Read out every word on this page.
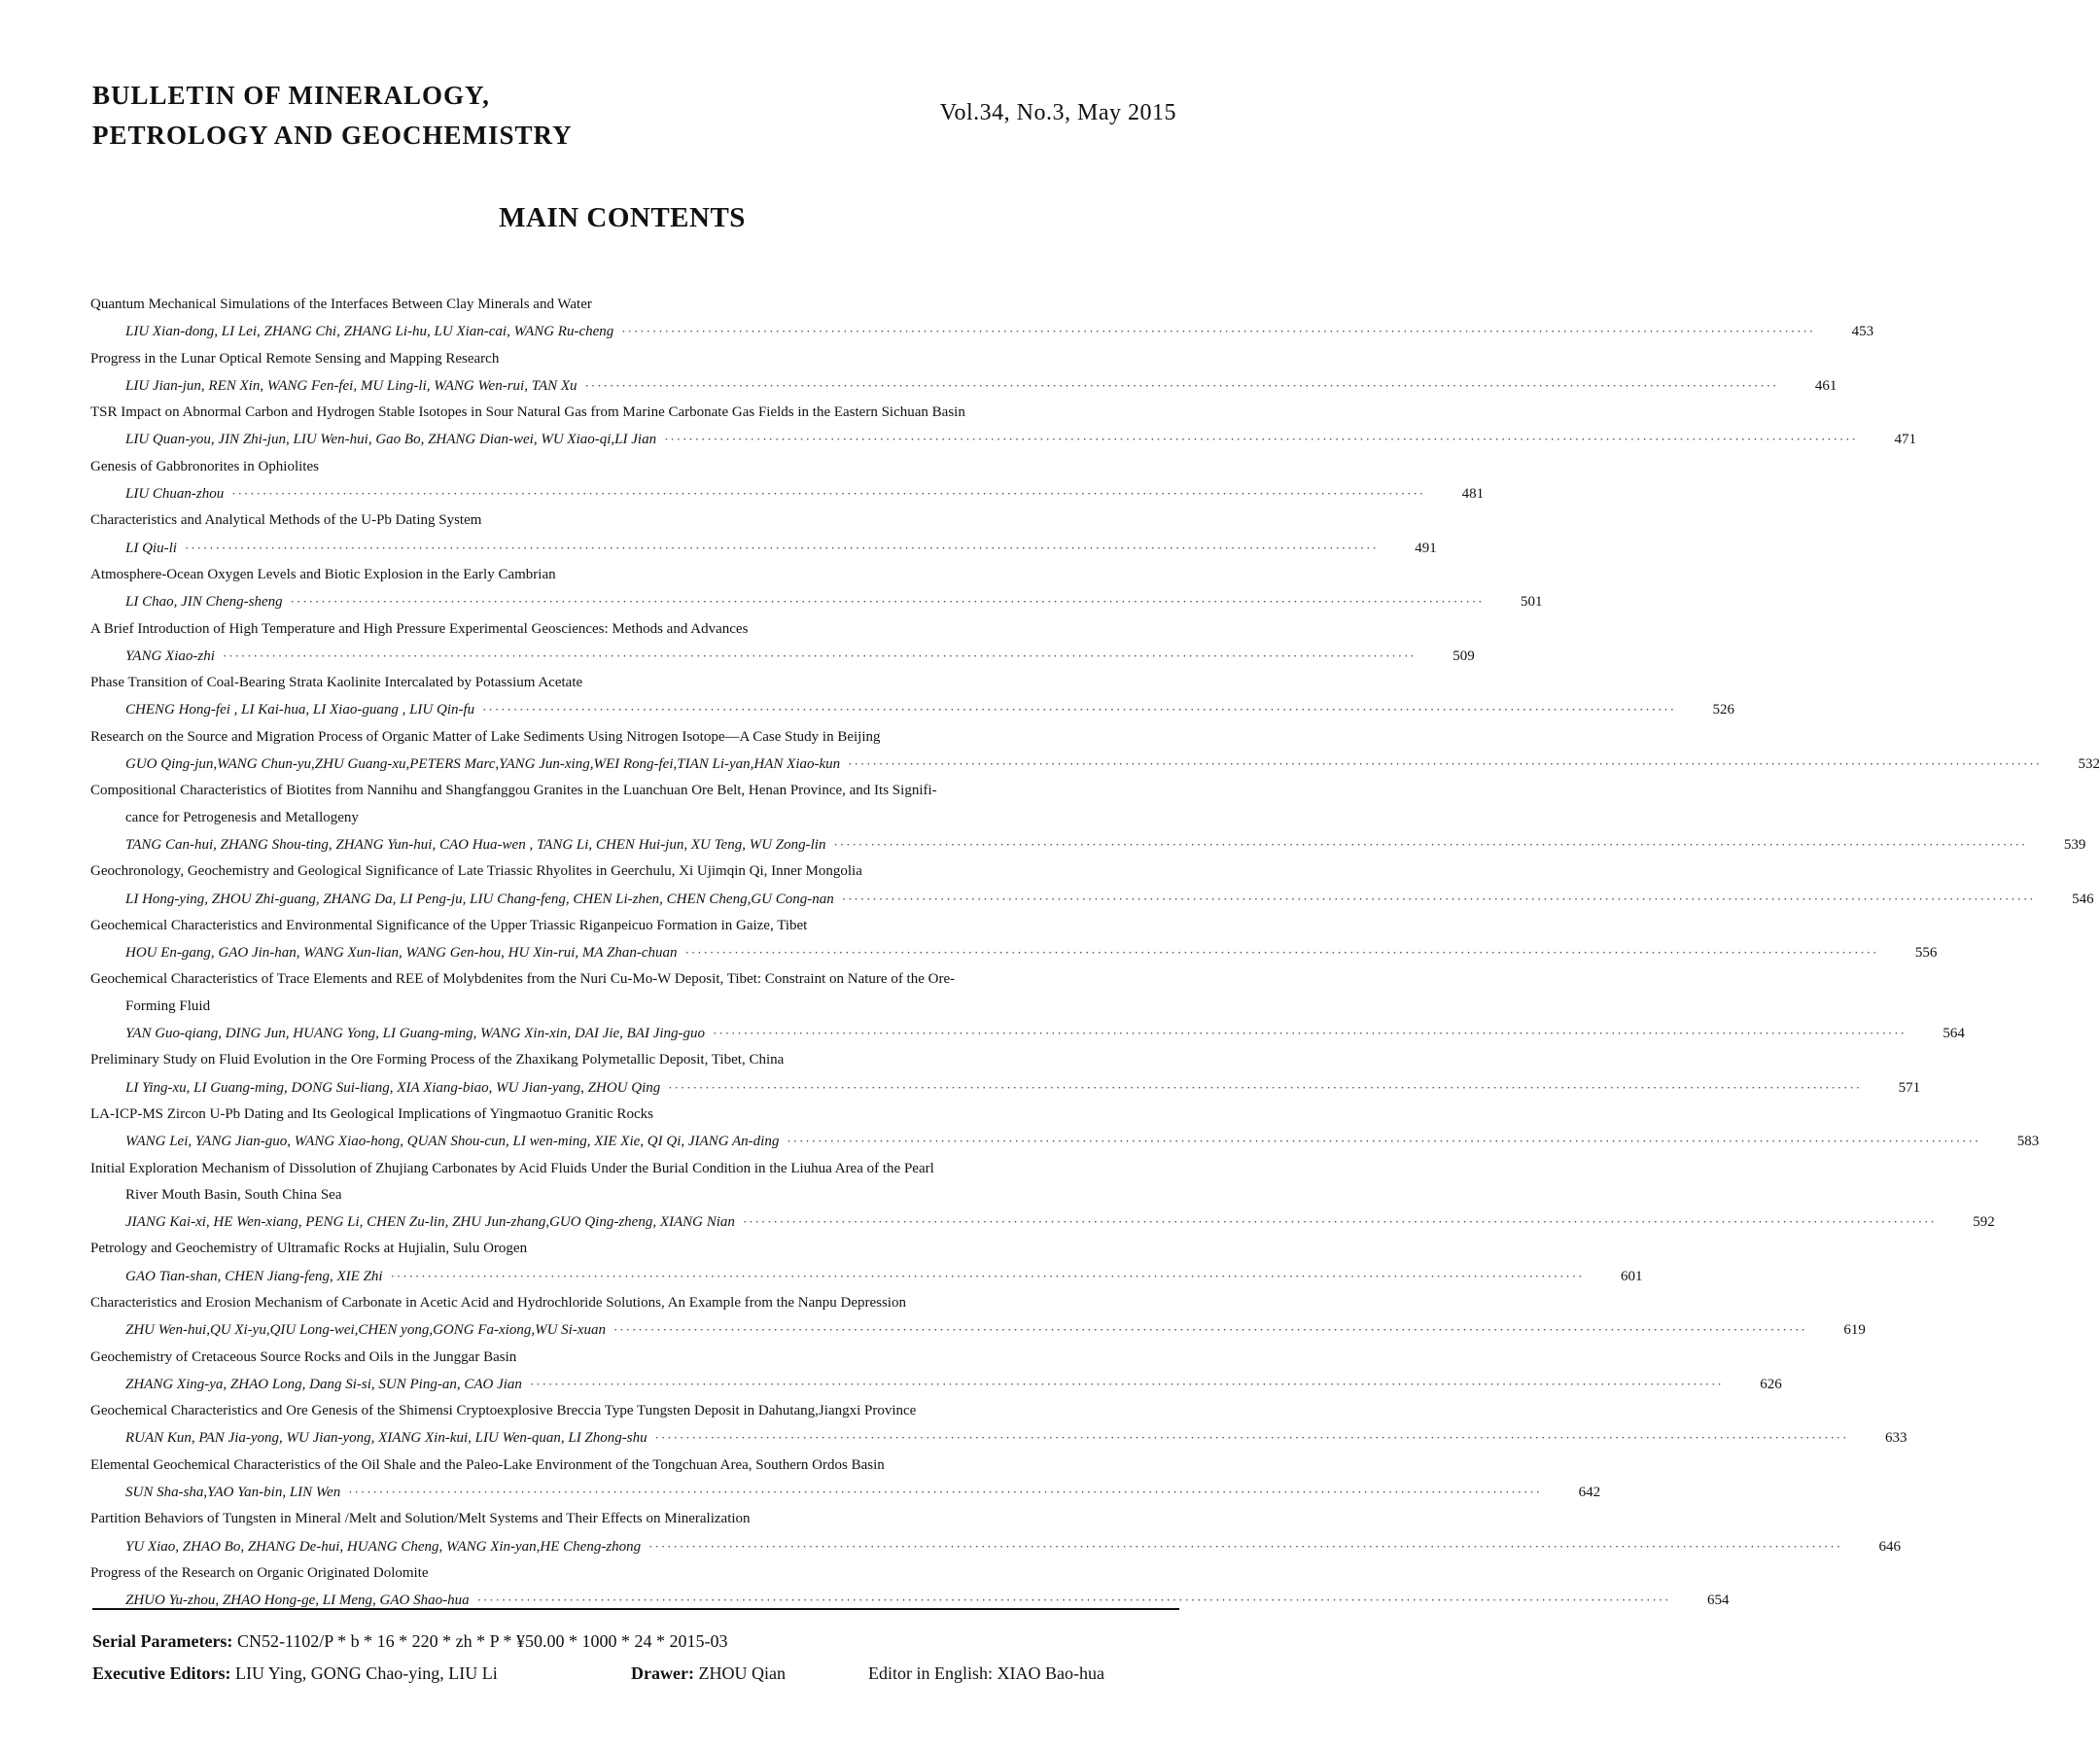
BULLETIN OF MINERALOGY,
PETROLOGY AND GEOCHEMISTRY
Vol.34, No.3, May 2015
MAIN CONTENTS
Quantum Mechanical Simulations of the Interfaces Between Clay Minerals and Water
LIU Xian-dong, LI Lei, ZHANG Chi, ZHANG Li-hu, LU Xian-cai, WANG Ru-cheng ··································································································································································································	453
Progress in the Lunar Optical Remote Sensing and Mapping Research
LIU Jian-jun, REN Xin, WANG Fen-fei, MU Ling-li, WANG Wen-rui, TAN Xu ··································································································································································································	461
TSR Impact on Abnormal Carbon and Hydrogen Stable Isotopes in Sour Natural Gas from Marine Carbonate Gas Fields in the Eastern Sichuan Basin
LIU Quan-you, JIN Zhi-jun, LIU Wen-hui, Gao Bo, ZHANG Dian-wei, WU Xiao-qi,LI Jian ··································································································································································································	471
Genesis of Gabbronorites in Ophiolites
LIU Chuan-zhou ··································································································································································································	481
Characteristics and Analytical Methods of the U-Pb Dating System
LI Qiu-li ··································································································································································································	491
Atmosphere-Ocean Oxygen Levels and Biotic Explosion in the Early Cambrian
LI Chao, JIN Cheng-sheng ··································································································································································································	501
A Brief Introduction of High Temperature and High Pressure Experimental Geosciences: Methods and Advances
YANG Xiao-zhi ··································································································································································································	509
Phase Transition of Coal-Bearing Strata Kaolinite Intercalated by Potassium Acetate
CHENG Hong-fei , LI Kai-hua, LI Xiao-guang , LIU Qin-fu ··································································································································································································	526
Research on the Source and Migration Process of Organic Matter of Lake Sediments Using Nitrogen Isotope—A Case Study in Beijing
GUO Qing-jun,WANG Chun-yu,ZHU Guang-xu,PETERS Marc,YANG Jun-xing,WEI Rong-fei,TIAN Li-yan,HAN Xiao-kun ··································································································································································································	532
Compositional Characteristics of Biotites from Nannihu and Shangfanggou Granites in the Luanchuan Ore Belt, Henan Province, and Its Signifi-
cance for Petrogenesis and Metallogeny
TANG Can-hui, ZHANG Shou-ting, ZHANG Yun-hui, CAO Hua-wen , TANG Li, CHEN Hui-jun, XU Teng, WU Zong-lin ··································································································································································································	539
Geochronology, Geochemistry and Geological Significance of Late Triassic Rhyolites in Geerchulu, Xi Ujimqin Qi, Inner Mongolia
LI Hong-ying, ZHOU Zhi-guang, ZHANG Da, LI Peng-ju, LIU Chang-feng, CHEN Li-zhen, CHEN Cheng,GU Cong-nan ··································································································································································································	546
Geochemical Characteristics and Environmental Significance of the Upper Triassic Riganpeicuo Formation in Gaize, Tibet
HOU En-gang, GAO Jin-han, WANG Xun-lian, WANG Gen-hou, HU Xin-rui, MA Zhan-chuan ··································································································································································································	556
Geochemical Characteristics of Trace Elements and REE of Molybdenites from the Nuri Cu-Mo-W Deposit, Tibet: Constraint on Nature of the Ore-
Forming Fluid
YAN Guo-qiang, DING Jun, HUANG Yong, LI Guang-ming, WANG Xin-xin, DAI Jie, BAI Jing-guo ··································································································································································································	564
Preliminary Study on Fluid Evolution in the Ore Forming Process of the Zhaxikang Polymetallic Deposit, Tibet, China
LI Ying-xu, LI Guang-ming, DONG Sui-liang, XIA Xiang-biao, WU Jian-yang, ZHOU Qing ··································································································································································································	571
LA-ICP-MS Zircon U-Pb Dating and Its Geological Implications of Yingmaotuo Granitic Rocks
WANG Lei, YANG Jian-guo, WANG Xiao-hong, QUAN Shou-cun, LI wen-ming, XIE Xie, QI Qi, JIANG An-ding ··································································································································································································	583
Initial Exploration Mechanism of Dissolution of Zhujiang Carbonates by Acid Fluids Under the Burial Condition in the Liuhua Area of the Pearl
River Mouth Basin, South China Sea
JIANG Kai-xi, HE Wen-xiang, PENG Li, CHEN Zu-lin, ZHU Jun-zhang,GUO Qing-zheng, XIANG Nian ··································································································································································································	592
Petrology and Geochemistry of Ultramafic Rocks at Hujialin, Sulu Orogen
GAO Tian-shan, CHEN Jiang-feng, XIE Zhi ··································································································································································································	601
Characteristics and Erosion Mechanism of Carbonate in Acetic Acid and Hydrochloride Solutions, An Example from the Nanpu Depression
ZHU Wen-hui,QU Xi-yu,QIU Long-wei,CHEN yong,GONG Fa-xiong,WU Si-xuan ··································································································································································································	619
Geochemistry of Cretaceous Source Rocks and Oils in the Junggar Basin
ZHANG Xing-ya, ZHAO Long, Dang Si-si, SUN Ping-an, CAO Jian ··································································································································································································	626
Geochemical Characteristics and Ore Genesis of the Shimensi Cryptoexplosive Breccia Type Tungsten Deposit in Dahutang,Jiangxi Province
RUAN Kun, PAN Jia-yong, WU Jian-yong, XIANG Xin-kui, LIU Wen-quan, LI Zhong-shu ··································································································································································································	633
Elemental Geochemical Characteristics of the Oil Shale and the Paleo-Lake Environment of the Tongchuan Area, Southern Ordos Basin
SUN Sha-sha,YAO Yan-bin, LIN Wen ··································································································································································································	642
Partition Behaviors of Tungsten in Mineral /Melt and Solution/Melt Systems and Their Effects on Mineralization
YU Xiao, ZHAO Bo, ZHANG De-hui, HUANG Cheng, WANG Xin-yan,HE Cheng-zhong ··································································································································································································	646
Progress of the Research on Organic Originated Dolomite
ZHUO Yu-zhou, ZHAO Hong-ge, LI Meng, GAO Shao-hua ··································································································································································································	654
Serial Parameters: CN52-1102/P * b * 16 * 220 * zh * P * ¥50.00 * 1000 * 24 * 2015-03
Executive Editors: LIU Ying, GONG Chao-ying, LIU Li	Drawer: ZHOU Qian	Editor in English: XIAO Bao-hua
